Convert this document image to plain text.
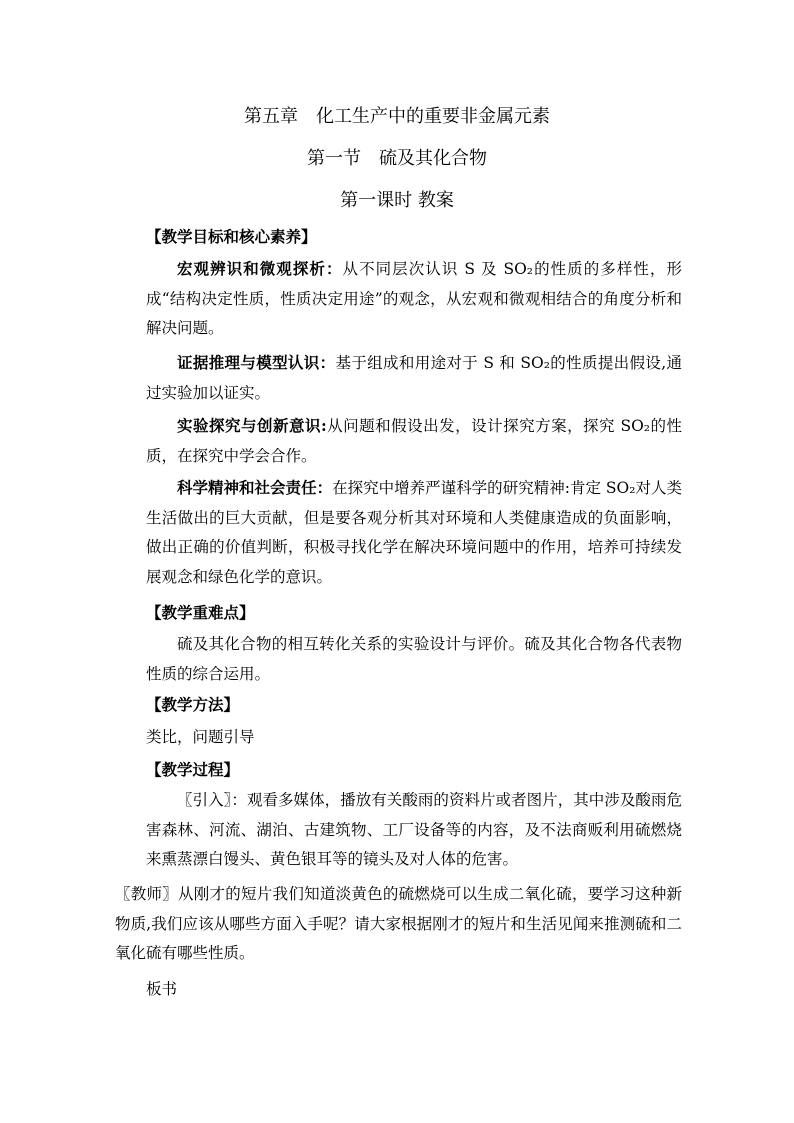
第五章　化工生产中的重要非金属元素
第一节　硫及其化合物
第一课时 教案
【教学目标和核心素养】
宏观辨识和微观探析：从不同层次认识 S 及 SO₂的性质的多样性，形成“结构决定性质，性质决定用途”的观念，从宏观和微观相结合的角度分析和解决问题。
证据推理与模型认识：基于组成和用途对于 S 和 SO₂的性质提出假设,通过实验加以证实。
实验探究与创新意识:从问题和假设出发，设计探究方案，探究 SO₂的性质，在探究中学会合作。
科学精神和社会责任：在探究中增养严谨科学的研究精神:肯定 SO₂对人类生活做出的巨大贡献，但是要各观分析其对环境和人类健康造成的负面影响，做出正确的价值判断，积极寻找化学在解决环境问题中的作用，培养可持续发展观念和绿色化学的意识。
【教学重难点】
硫及其化合物的相互转化关系的实验设计与评价。硫及其化合物各代表物性质的综合运用。
【教学方法】
类比，问题引导
【教学过程】
〖引入〗：观看多媒体，播放有关酸雨的资料片或者图片，其中涉及酸雨危害森林、河流、湖泊、古建筑物、工厂设备等的内容，及不法商贩利用硫燃烧来熏蒸漂白馒头、黄色银耳等的镜头及对人体的危害。
〖教师〗从刚才的短片我们知道淡黄色的硫燃烧可以生成二氧化硫，要学习这种新物质,我们应该从哪些方面入手呢？请大家根据刚才的短片和生活见闻来推测硫和二氧化硫有哪些性质。
板书
